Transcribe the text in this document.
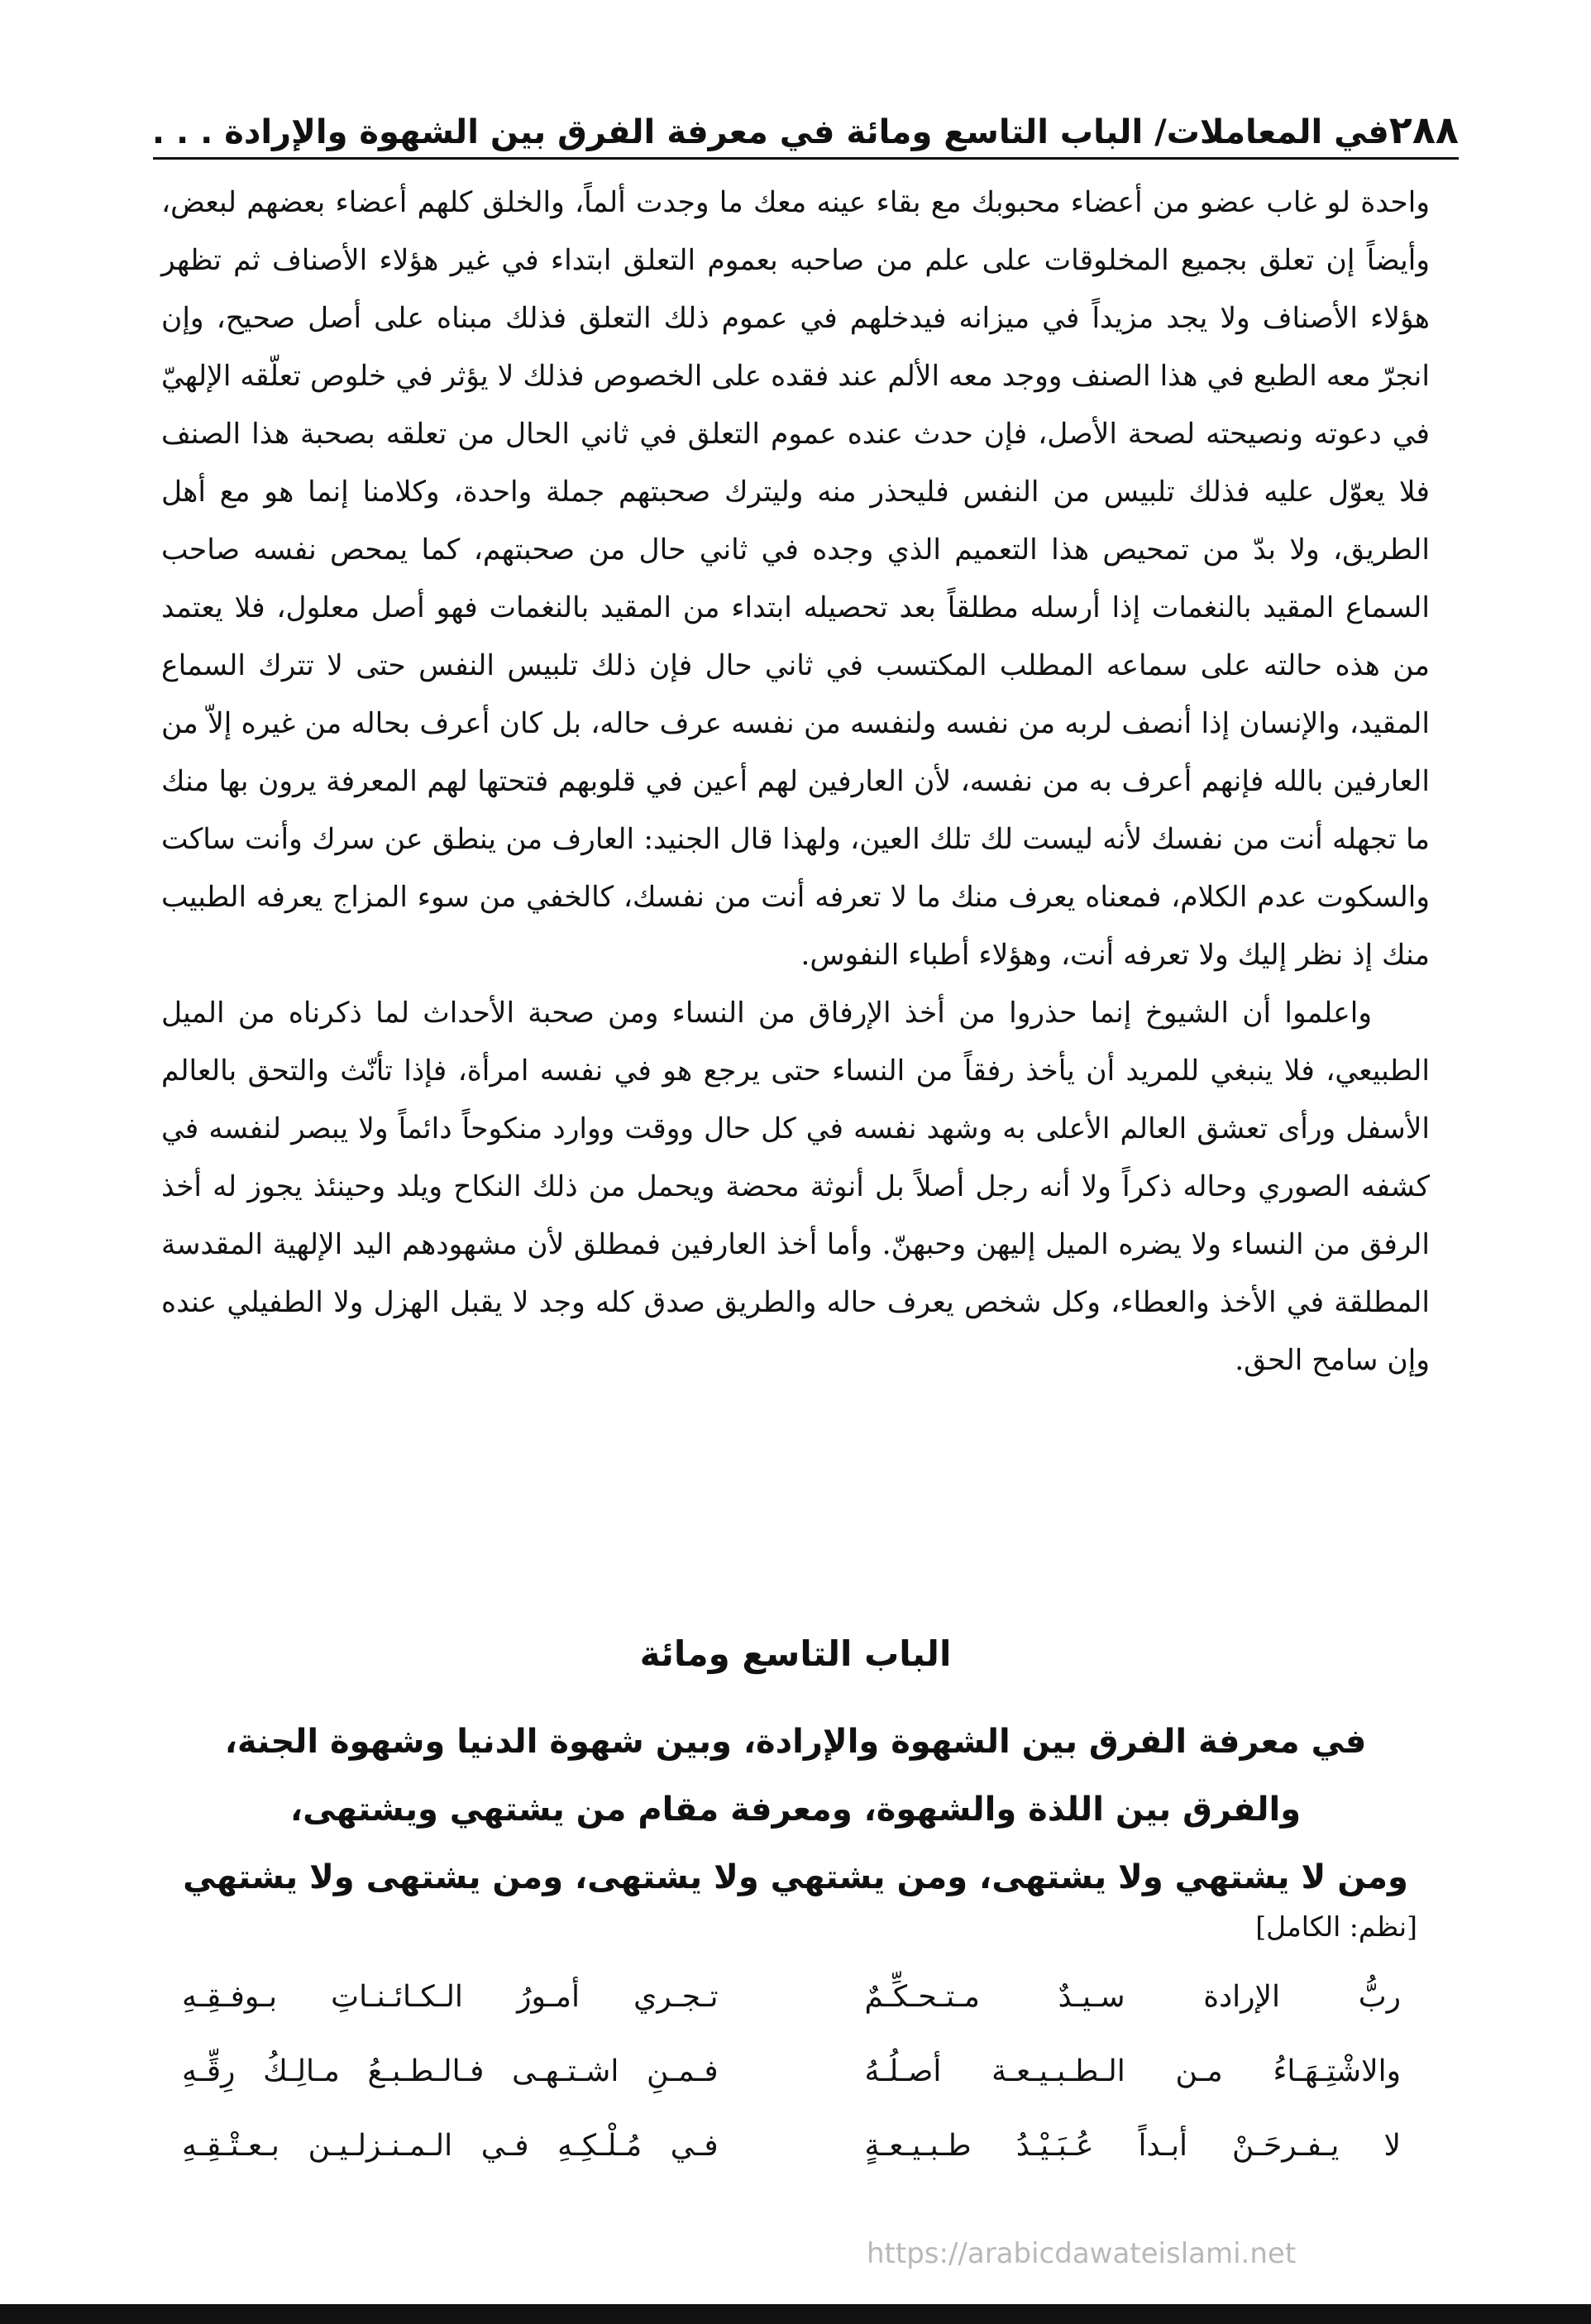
٢٨٨
في المعاملات/ الباب التاسع ومائة في معرفة الفرق بين الشهوة والإرادة . . .

واحدة لو غاب عضو من أعضاء محبوبك مع بقاء عينه معك ما وجدت ألماً، والخلق كلهم أعضاء بعضهم لبعض، وأيضاً إن تعلق بجميع المخلوقات على علم من صاحبه بعموم التعلق ابتداء في غير هؤلاء الأصناف ثم تظهر هؤلاء الأصناف ولا يجد مزيداً في ميزانه فيدخلهم في عموم ذلك التعلق فذلك مبناه على أصل صحيح، وإن انجرّ معه الطبع في هذا الصنف ووجد معه الألم عند فقده على الخصوص فذلك لا يؤثر في خلوص تعلّقه الإلهيّ في دعوته ونصيحته لصحة الأصل، فإن حدث عنده عموم التعلق في ثاني الحال من تعلقه بصحبة هذا الصنف فلا يعوّل عليه فذلك تلبيس من النفس فليحذر منه وليترك صحبتهم جملة واحدة، وكلامنا إنما هو مع أهل الطريق، ولا بدّ من تمحيص هذا التعميم الذي وجده في ثاني حال من صحبتهم، كما يمحص نفسه صاحب السماع المقيد بالنغمات إذا أرسله مطلقاً بعد تحصيله ابتداء من المقيد بالنغمات فهو أصل معلول، فلا يعتمد من هذه حالته على سماعه المطلب المكتسب في ثاني حال فإن ذلك تلبيس النفس حتى لا تترك السماع المقيد، والإنسان إذا أنصف لربه من نفسه ولنفسه من نفسه عرف حاله، بل كان أعرف بحاله من غيره إلاّ من العارفين بالله فإنهم أعرف به من نفسه، لأن العارفين لهم أعين في قلوبهم فتحتها لهم المعرفة يرون بها منك ما تجهله أنت من نفسك لأنه ليست لك تلك العين، ولهذا قال الجنيد: العارف من ينطق عن سرك وأنت ساكت والسكوت عدم الكلام، فمعناه يعرف منك ما لا تعرفه أنت من نفسك، كالخفي من سوء المزاج يعرفه الطبيب منك إذ نظر إليك ولا تعرفه أنت، وهؤلاء أطباء النفوس.

واعلموا أن الشيوخ إنما حذروا من أخذ الإرفاق من النساء ومن صحبة الأحداث لما ذكرناه من الميل الطبيعي، فلا ينبغي للمريد أن يأخذ رفقاً من النساء حتى يرجع هو في نفسه امرأة، فإذا تأنّث والتحق بالعالم الأسفل ورأى تعشق العالم الأعلى به وشهد نفسه في كل حال ووقت ووارد منكوحاً دائماً ولا يبصر لنفسه في كشفه الصوري وحاله ذكراً ولا أنه رجل أصلاً بل أنوثة محضة ويحمل من ذلك النكاح ويلد وحينئذ يجوز له أخذ الرفق من النساء ولا يضره الميل إليهن وحبهنّ. وأما أخذ العارفين فمطلق لأن مشهودهم اليد الإلهية المقدسة المطلقة في الأخذ والعطاء، وكل شخص يعرف حاله والطريق صدق كله وجد لا يقبل الهزل ولا الطفيلي عنده وإن سامح الحق.

الباب التاسع ومائة
في معرفة الفرق بين الشهوة والإرادة، وبين شهوة الدنيا وشهوة الجنة،
والفرق بين اللذة والشهوة، ومعرفة مقام من يشتهي ويشتهى،
ومن لا يشتهي ولا يشتهى، ومن يشتهي ولا يشتهى، ومن يشتهى ولا يشتهي
[نظم: الكامل]
ربُّ الإرادة سـيـدٌ مـتـحـكِّـمٌ
تـجـري أمـورُ الـكـائـنـاتِ بـوفـقِـهِ
والاشْتِـهَـاءُ مـن الـطـبـيـعـة أصـلُـهُ
فـمـنِ اشـتـهـى فـالـطـبـعُ مـالِـكُ رِقِّـهِ
لا يـفـرحَـنْ أبـداً عُـبَـيْـدُ طـبـيـعـةٍ
فـي مُـلْـكِـهِ فـي الـمـنـزلـيـن بـعـتْـقِـهِ
https://arabicdawateislami.net
